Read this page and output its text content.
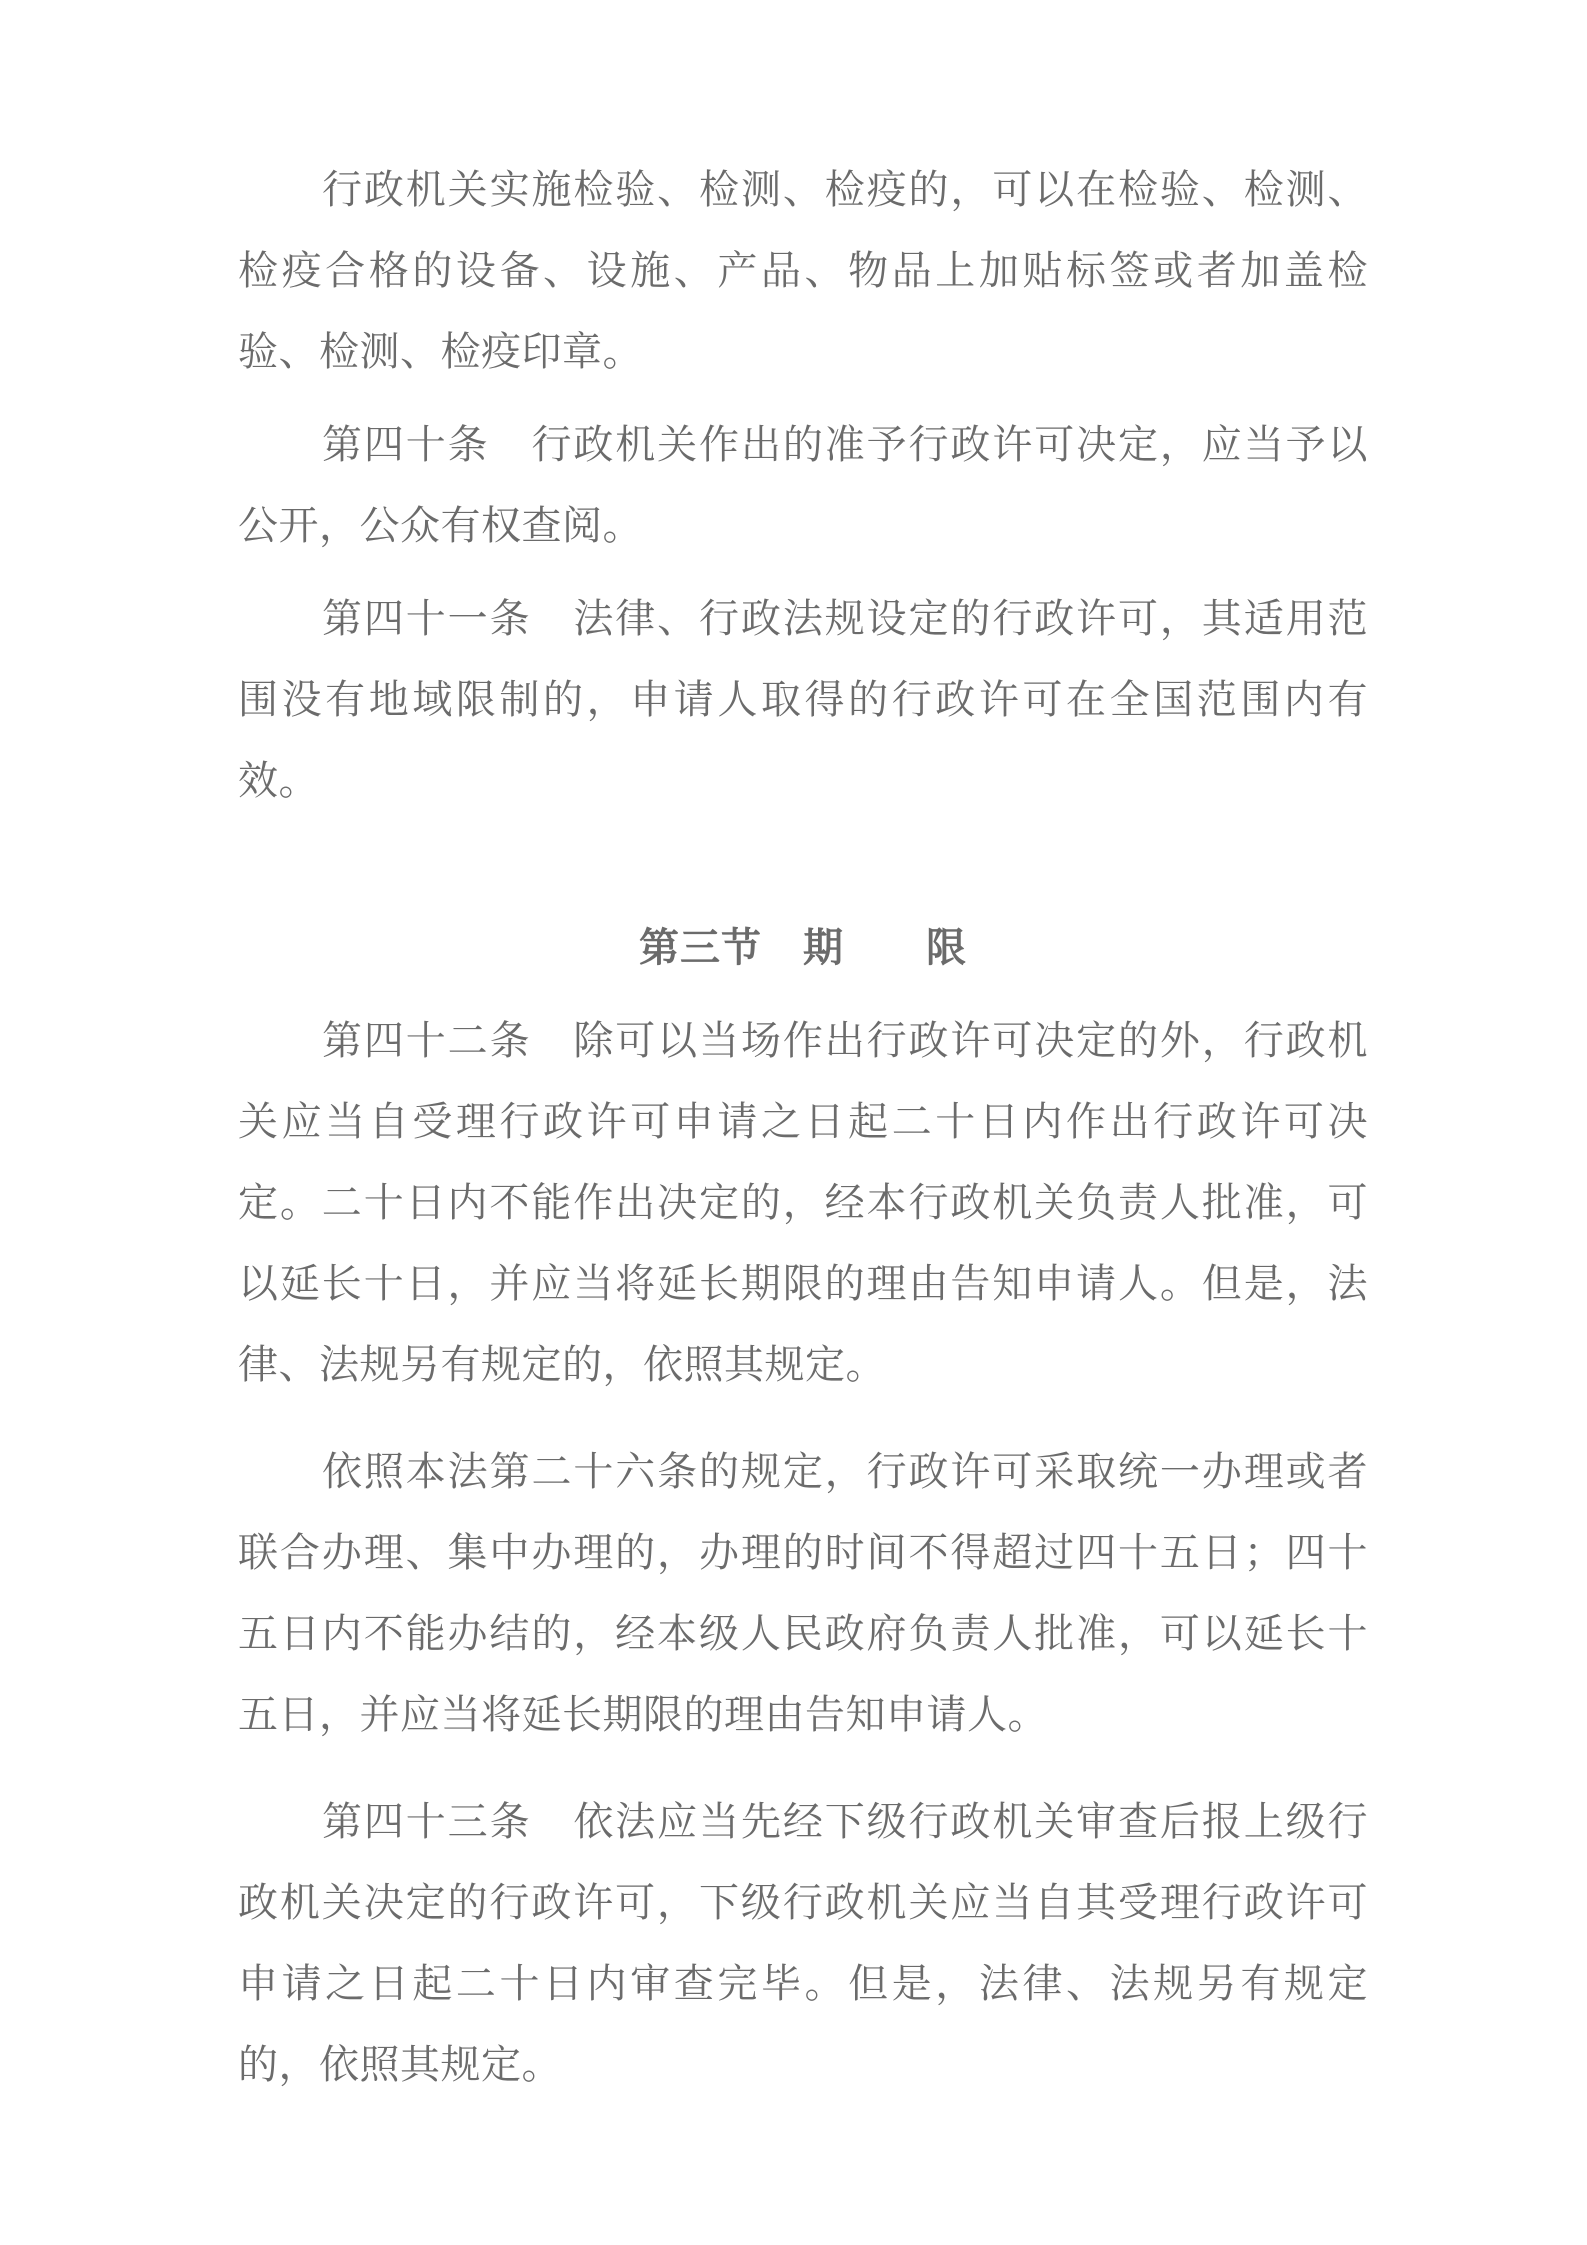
行政机关实施检验、检测、检疫的，可以在检验、检测、检疫合格的设备、设施、产品、物品上加贴标签或者加盖检验、检测、检疫印章。

第四十条　行政机关作出的准予行政许可决定，应当予以公开，公众有权查阅。

第四十一条　法律、行政法规设定的行政许可，其适用范围没有地域限制的，申请人取得的行政许可在全国范围内有效。

第三节　期　　限

第四十二条　除可以当场作出行政许可决定的外，行政机关应当自受理行政许可申请之日起二十日内作出行政许可决定。二十日内不能作出决定的，经本行政机关负责人批准，可以延长十日，并应当将延长期限的理由告知申请人。但是，法律、法规另有规定的，依照其规定。

依照本法第二十六条的规定，行政许可采取统一办理或者联合办理、集中办理的，办理的时间不得超过四十五日；四十五日内不能办结的，经本级人民政府负责人批准，可以延长十五日，并应当将延长期限的理由告知申请人。

第四十三条　依法应当先经下级行政机关审查后报上级行政机关决定的行政许可，下级行政机关应当自其受理行政许可申请之日起二十日内审查完毕。但是，法律、法规另有规定的，依照其规定。
